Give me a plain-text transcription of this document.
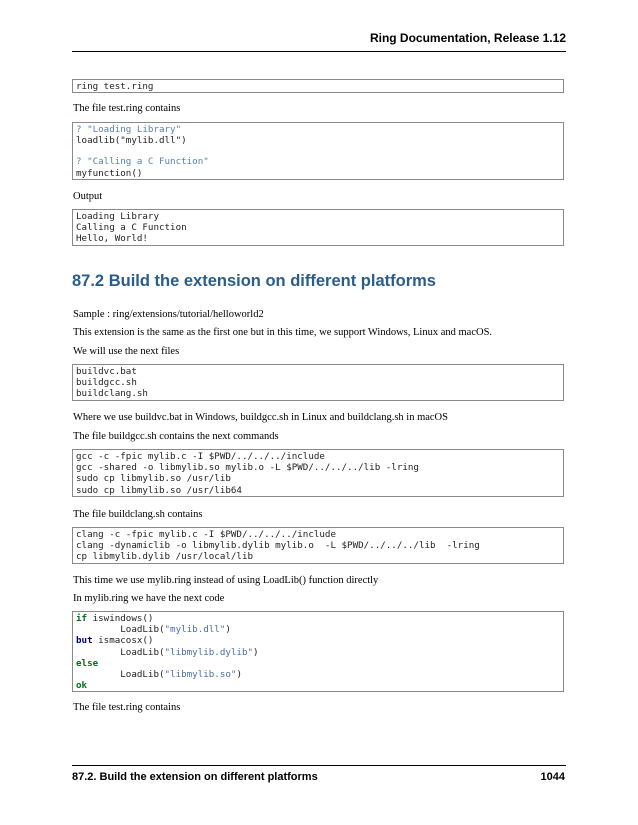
Ring Documentation, Release 1.12
ring test.ring
The file test.ring contains
? "Loading Library"
loadlib("mylib.dll")
? "Calling a C Function"
myfunction()
Output
Loading Library
Calling a C Function
Hello, World!
87.2 Build the extension on different platforms
Sample : ring/extensions/tutorial/helloworld2
This extension is the same as the first one but in this time, we support Windows, Linux and macOS.
We will use the next files
buildvc.bat
buildgcc.sh
buildclang.sh
Where we use buildvc.bat in Windows, buildgcc.sh in Linux and buildclang.sh in macOS
The file buildgcc.sh contains the next commands
gcc -c -fpic mylib.c -I $PWD/../../../include
gcc -shared -o libmylib.so mylib.o -L $PWD/../../../lib -lring
sudo cp libmylib.so /usr/lib
sudo cp libmylib.so /usr/lib64
The file buildclang.sh contains
clang -c -fpic mylib.c -I $PWD/../../../include
clang -dynamiclib -o libmylib.dylib mylib.o  -L $PWD/../../../lib  -lring
cp libmylib.dylib /usr/local/lib
This time we use mylib.ring instead of using LoadLib() function directly
In mylib.ring we have the next code
if iswindows()
LoadLib("mylib.dll")
but ismacosx()
LoadLib("libmylib.dylib")
else
LoadLib("libmylib.so")
ok
The file test.ring contains
87.2. Build the extension on different platforms	1044
